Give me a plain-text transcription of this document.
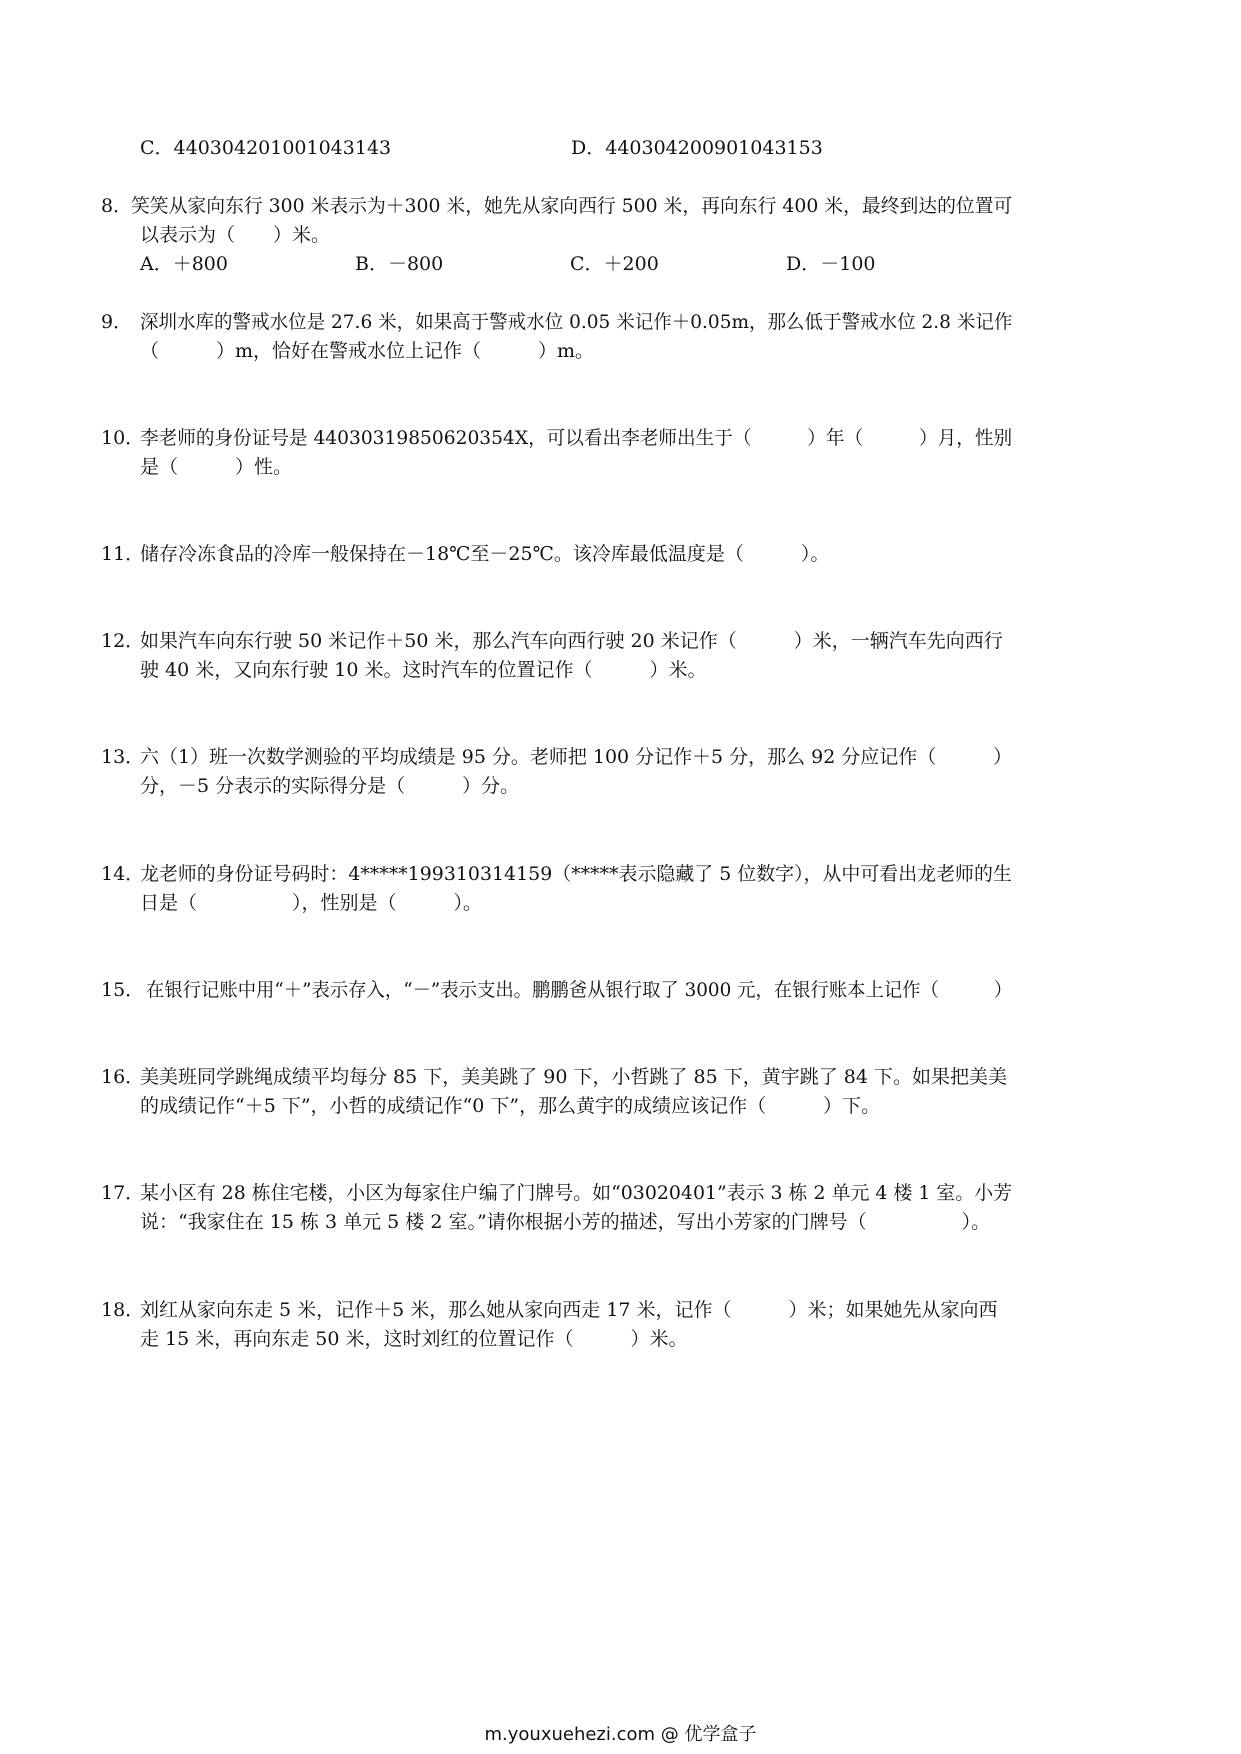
C．440304201001043143	D．440304200901043153
8．
笑笑从家向东行 300 米表示为＋300 米，她先从家向西行 500 米，再向东行 400 米，最终到达的位置可
以表示为（　　）米。
A．＋800	B．－800	C．＋200	D．－100
9． 深圳水库的警戒水位是 27.6 米，如果高于警戒水位 0.05 米记作＋0.05m，那么低于警戒水位 2.8 米记作
（　　　）m，恰好在警戒水位上记作（　　　）m。
10．
李老师的身份证号是 44030319850620354X，可以看出李老师出生于（　　　）年（　　　）月，性别
是（　　　）性。
11．
储存冷冻食品的冷库一般保持在－18℃至－25℃。该冷库最低温度是（　　　）。
12．
如果汽车向东行驶 50 米记作＋50 米，那么汽车向西行驶 20 米记作（　　　）米，一辆汽车先向西行
驶 40 米，又向东行驶 10 米。这时汽车的位置记作（　　　）米。
13．
六（1）班一次数学测验的平均成绩是 95 分。老师把 100 分记作＋5 分，那么 92 分应记作（　　　）
分，－5 分表示的实际得分是（　　　）分。
14．
龙老师的身份证号码时：4*****199310314159（*****表示隐藏了 5 位数字），从中可看出龙老师的生
日是（　　　　　），性别是（　　　）。
15． 在银行记账中用“＋”表示存入，“－”表示支出。鹏鹏爸从银行取了 3000 元，在银行账本上记作（　　　）
16．
美美班同学跳绳成绩平均每分 85 下，美美跳了 90 下，小哲跳了 85 下，黄宇跳了 84 下。如果把美美
的成绩记作“＋5 下”，小哲的成绩记作“0 下”，那么黄宇的成绩应该记作（　　　）下。
17．
某小区有 28 栋住宅楼，小区为每家住户编了门牌号。如“03020401”表示 3 栋 2 单元 4 楼 1 室。小芳
说：“我家住在 15 栋 3 单元 5 楼 2 室。”请你根据小芳的描述，写出小芳家的门牌号（　　　　　）。
18．
刘红从家向东走 5 米，记作＋5 米，那么她从家向西走 17 米，记作（　　　）米；如果她先从家向西
走 15 米，再向东走 50 米，这时刘红的位置记作（　　　）米。
m.youxuehezi.com @ 优学盒子
